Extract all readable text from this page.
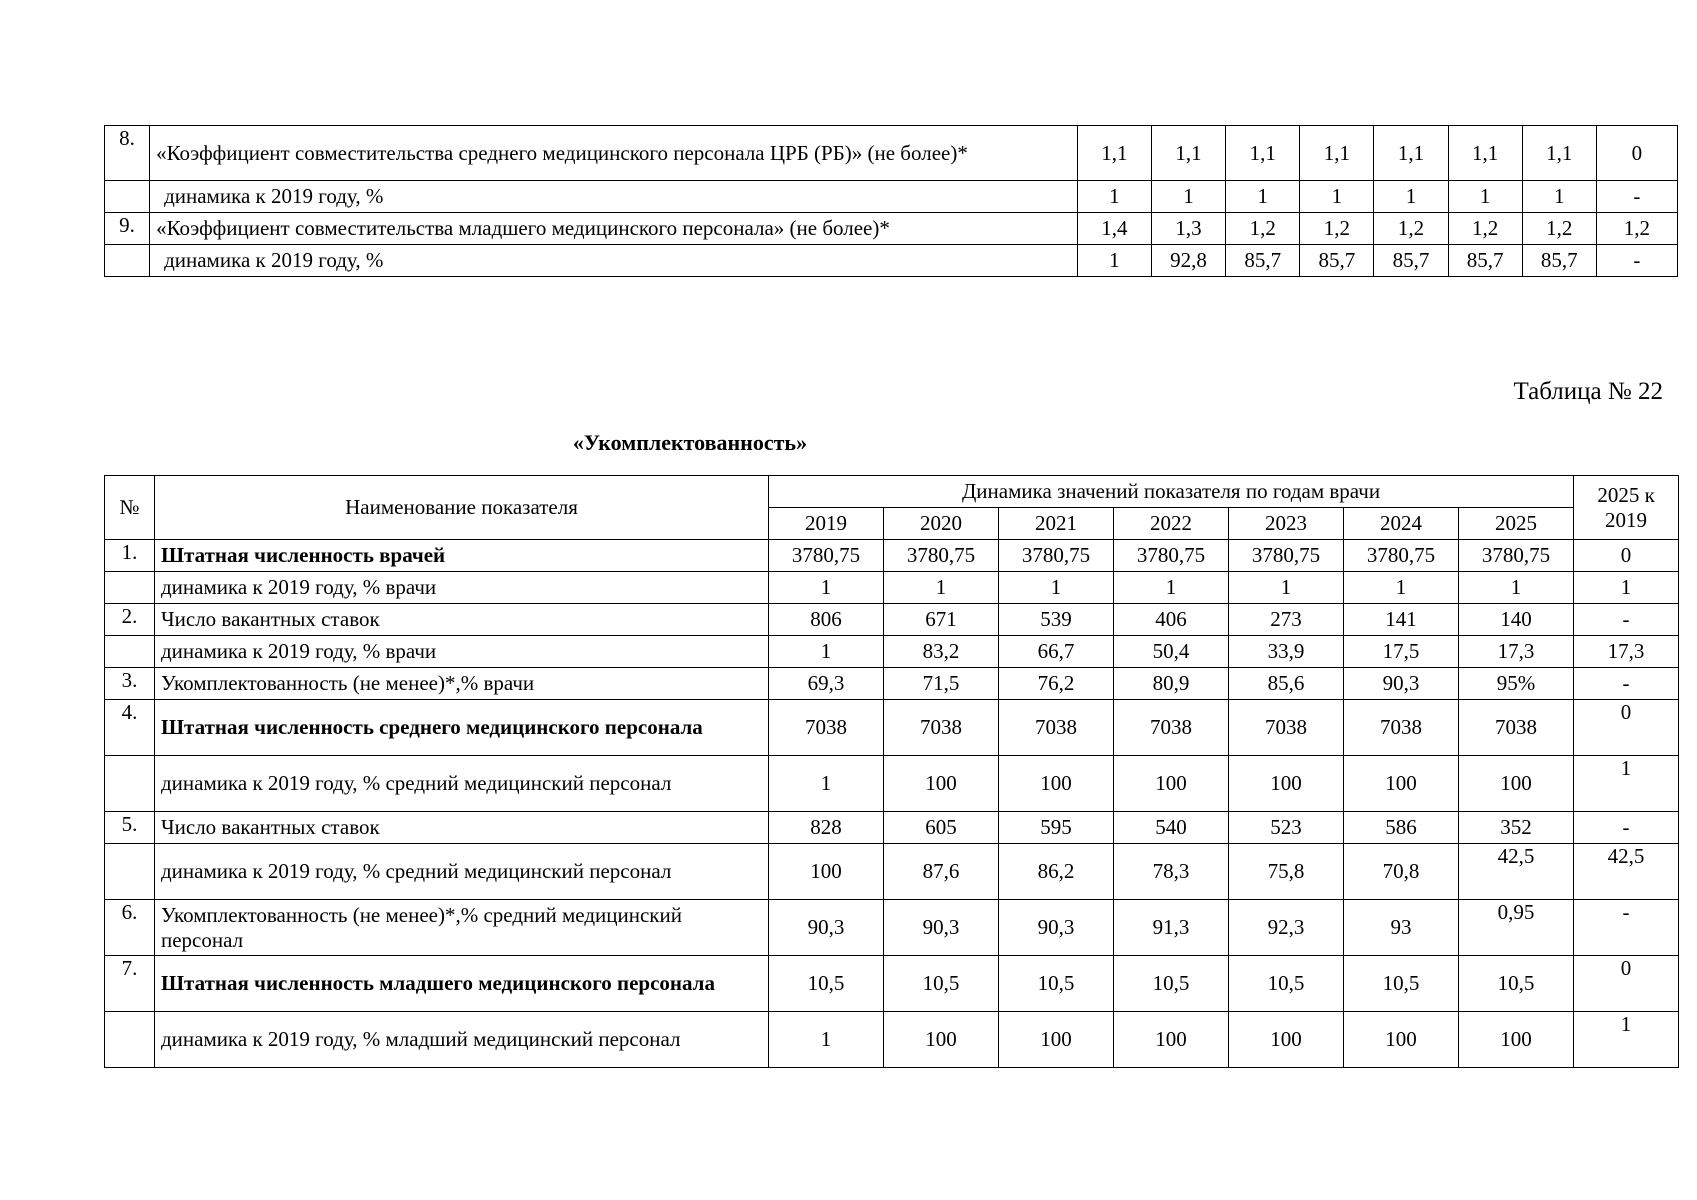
8.	«Коэффициент совместительства среднего медицинского персонала ЦРБ (РБ)» (не более)*	1,1	1,1	1,1	1,1	1,1	1,1	1,1	0
	динамика к 2019 году, %	1	1	1	1	1	1	1	-
9.	«Коэффициент совместительства младшего медицинского персонала» (не более)*	1,4	1,3	1,2	1,2	1,2	1,2	1,2	1,2
	динамика к 2019 году, %	1	92,8	85,7	85,7	85,7	85,7	85,7	-
Таблица № 22
«Укомплектованность»
№	Наименование показателя	Динамика значений показателя по годам врачи							2025 к 2019
		2019	2020	2021	2022	2023	2024	2025	
1.	Штатная численность врачей	3780,75	3780,75	3780,75	3780,75	3780,75	3780,75	3780,75	0
	динамика к 2019 году, % врачи	1	1	1	1	1	1	1	1
2.	Число вакантных ставок	806	671	539	406	273	141	140	-
	динамика к 2019 году, % врачи	1	83,2	66,7	50,4	33,9	17,5	17,3	17,3
3.	Укомплектованность (не менее)*,% врачи	69,3	71,5	76,2	80,9	85,6	90,3	95%	-
4.	Штатная численность среднего медицинского персонала	7038	7038	7038	7038	7038	7038	7038	0
	динамика к 2019 году, % средний медицинский персонал	1	100	100	100	100	100	100	1
5.	Число вакантных ставок	828	605	595	540	523	586	352	-
	динамика к 2019 году, % средний медицинский персонал	100	87,6	86,2	78,3	75,8	70,8	42,5	42,5
6.	Укомплектованность (не менее)*,% средний медицинский персонал	90,3	90,3	90,3	91,3	92,3	93	0,95	-
7.	Штатная численность младшего медицинского персонала	10,5	10,5	10,5	10,5	10,5	10,5	10,5	0
	динамика к 2019 году, % младший медицинский персонал	1	100	100	100	100	100	100	1
